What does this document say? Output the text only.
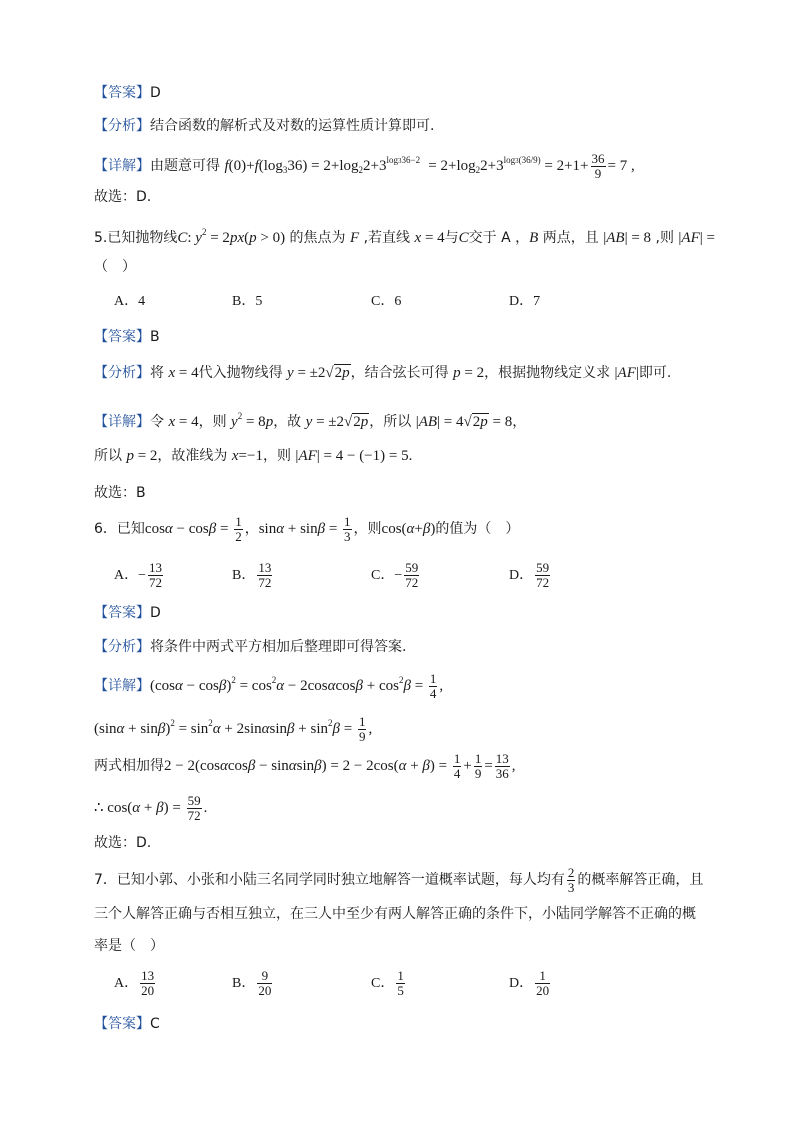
【答案】D
【分析】结合函数的解析式及对数的运算性质计算即可.
【详解】由题意可得 $f(0)+f(\log_336) = 2+\log_22+3^{log336-2} = 2+\log_22+3^{log3(36/9)} = 2+1+ \frac{36}{9} = 7$ ,
故选：D.
5.已知抛物线C: $y^2 = 2px(p > 0)$ 的焦点为 F ,若直线 x = 4与C交于 A ，B 两点，且 |AB| = 8 ,则 |AF| =
（　）
A．4	B．5	C．6	D．7
【答案】B
【分析】将 x = 4代入抛物线得 y = ±2√2p，结合弦长可得 p = 2，根据抛物线定义求 |AF|即可.
【详解】令 x = 4，则 $y^2 = 8p$，故 y = ±2√2p，所以 |AB| = 4√2p = 8，
所以 p = 2，故准线为 x=−1，则 |AF| = 4 − (−1) = 5.
故选：B
6．已知$\cos\alpha - \cos\beta = \frac{1}{2}$ ，$\sin\alpha + \sin\beta = \frac{1}{3}$ ，则cos(α+β)的值为（　）
A．− $\frac{13}{72}$	B． $\frac{13}{72}$	C．− $\frac{59}{72}$	D． $\frac{59}{72}$
【答案】D
【分析】将条件中两式平方相加后整理即可得答案.
【详解】$(\cos\alpha - \cos\beta)^2 = \cos^2\alpha - 2\cos\alpha\cos\beta + \cos^2\beta = \frac{1}{4}$ ,
$(\sin\alpha + \sin\beta)^2 = \sin^2\alpha + 2\sin\alpha\sin\beta + \sin^2\beta = \frac{1}{9}$ ,
两式相加得$2 - 2(\cos\alpha\cos\beta - \sin\alpha\sin\beta) = 2 - 2\cos(\alpha + \beta) = \frac{1}{4} + \frac{1}{9} = \frac{13}{36}$ ,
∴ $\cos(\alpha + \beta) = \frac{59}{72}$ .
故选：D.
7．已知小郭、小张和小陆三名同学同时独立地解答一道概率试题，每人均有 $\frac{2}{3}$ 的概率解答正确，且
三个人解答正确与否相互独立，在三人中至少有两人解答正确的条件下，小陆同学解答不正确的概
率是（　）
A． $\frac{13}{20}$	B． $\frac{9}{20}$	C． $\frac{1}{5}$	D． $\frac{1}{20}$
【答案】C
